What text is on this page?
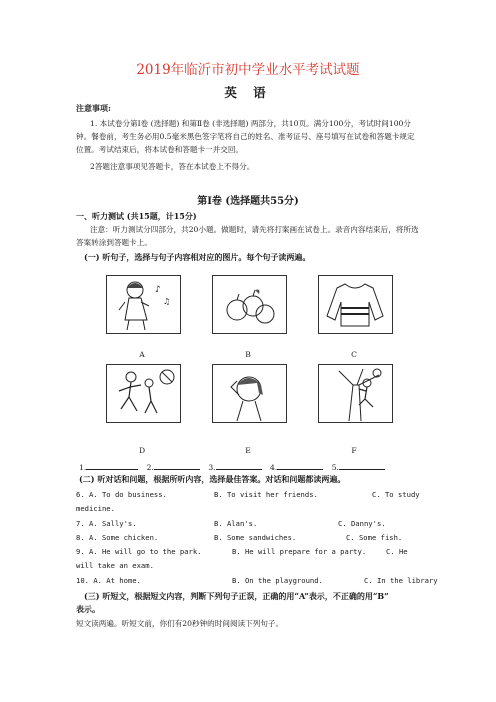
2019年临沂市初中学业水平考试试题
英 语
注意事项:
1. 本试卷分第Ⅰ卷 (选择题) 和第Ⅱ卷 (非选择题) 两部分，共10页。满分100分，考试时间100分钟。餐卷前，考生务必用0.5毫米黑色签字笔将自己的姓名、准考证号、座号填写在试卷和答题卡规定位置。考试结束后，将本试卷和答题卡一并交回。
2答题注意事项见答题卡，答在本试卷上不得分。
第Ⅰ卷 (选择题共55分)
一、听力测试 (共15题，计15分)
注意：听力测试分四部分，共20小题。做题时，请先将打案画在试卷上。录音内容结束后，将所选答案转涂到答题卡上。
(一) 听句子，选择与句子内容相对应的图片。每个句子读两遍。
♪
♫
A	B	C
D	E	F
1.	2.	3.	4.	5.
(二) 听对话和问题，根据所听内容，选择最佳答案。对话和问题都读两遍。
6. A. To do business.	B. To visit her friends.	C. To study
medicine.
7. A. Sally's.	B. Alan's.	C. Danny's.
8. A. Some chicken.	B. Some sandwiches.	C. Some fish.
9. A. He will go to the park.	B. He will prepare for a party.	C. He
will take an exam.
10. A. At home.	B. On the playground.	C. In the library
(三) 听短文，根据短文内容，判断下列句子正误，正确的用“A”表示，不正确的用“B”
表示。
短文读两遍。听短文前，你们有20秒钟的时间阅读下列句子。
